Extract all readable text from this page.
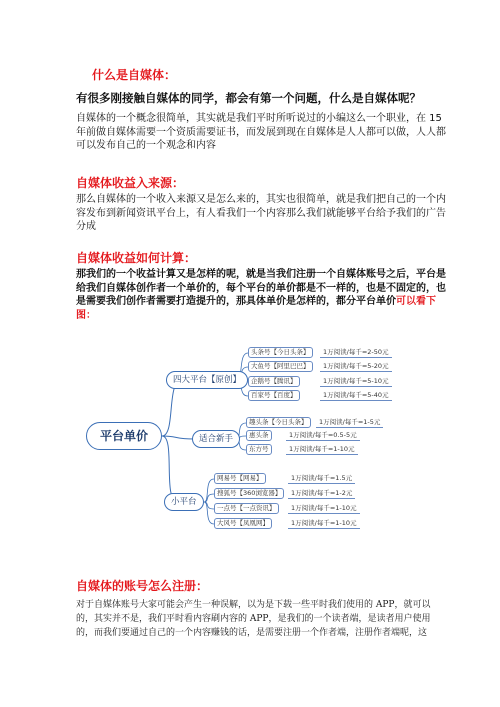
什么是自媒体：
有很多刚接触自媒体的同学，都会有第一个问题，什么是自媒体呢？
自媒体的一个概念很简单，其实就是我们平时所听说过的小编这么一个职业，在 15 年前做自媒体需要一个资质需要证书，而发展到现在自媒体是人人都可以做，人人都可以发布自己的一个观念和内容
自媒体收益入来源：
那么自媒体的一个收入来源又是怎么来的，其实也很简单，就是我们把自己的一个内容发布到新闻资讯平台上，有人看我们一个内容那么我们就能够平台给予我们的广告分成
自媒体收益如何计算：
那我们的一个收益计算又是怎样的呢，就是当我们注册一个自媒体账号之后，平台是给我们自媒体创作者一个单价的，每个平台的单价都是不一样的，也是不固定的，也是需要我们创作者需要打造提升的，那具体单价是怎样的，都分平台单价可以看下图：
平台单价
四大平台【原创】
适合新手
小平台
头条号【今日头条】	1万阅读/每千=2-50元
大鱼号【阿里巴巴】	1万阅读/每千=5-20元
企鹅号【腾讯】	1万阅读/每千=5-10元
百家号【百度】	1万阅读/每千=5-40元
趣头条【今日头条】	1万阅读/每千=1-5元
惠头条	1万阅读/每千=0.5-5元
东方号	1万阅读/每千=1-10元
网易号【网易】	1万阅读/每千=1.5元
搜狐号【360浏览器】	1万阅读/每千=1-2元
一点号【一点资讯】	1万阅读/每千=1-10元
大风号【凤凰网】	1万阅读/每千=1-10元
自媒体的账号怎么注册：
对于自媒体账号大家可能会产生一种误解，以为是下载一些平时我们使用的 APP，就可以的，其实并不是，我们平时看内容刷内容的 APP，是我们的一个读者端，是读者用户使用的，而我们要通过自己的一个内容赚钱的话，是需要注册一个作者端，注册作者端呢，这
